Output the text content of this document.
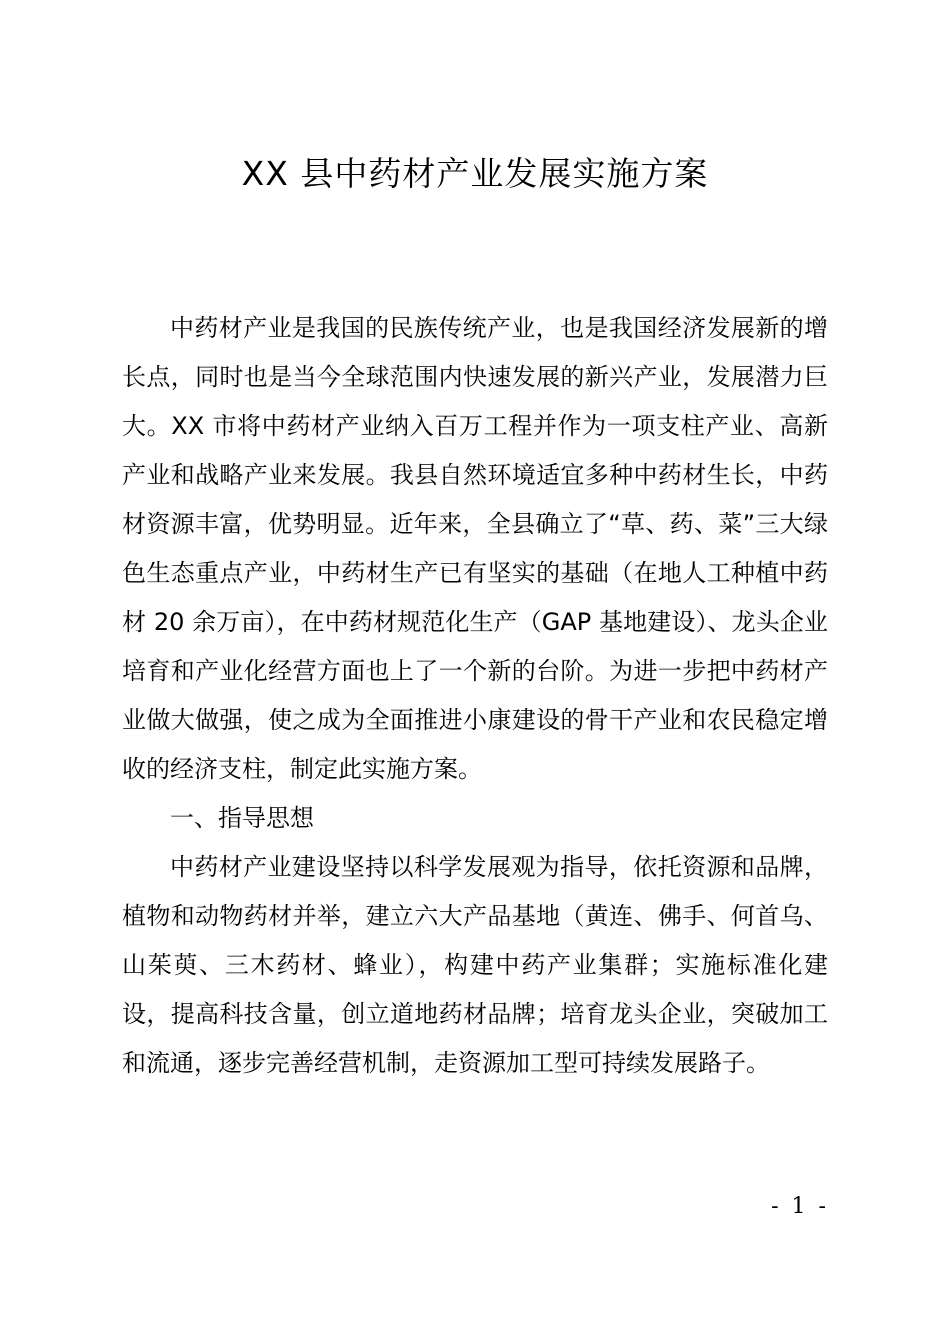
XX 县中药材产业发展实施方案

中药材产业是我国的民族传统产业，也是我国经济发展新的增长点，同时也是当今全球范围内快速发展的新兴产业，发展潜力巨大。XX 市将中药材产业纳入百万工程并作为一项支柱产业、高新产业和战略产业来发展。我县自然环境适宜多种中药材生长，中药材资源丰富，优势明显。近年来，全县确立了“草、药、菜”三大绿色生态重点产业，中药材生产已有坚实的基础（在地人工种植中药材 20 余万亩），在中药材规范化生产（GAP 基地建设）、龙头企业培育和产业化经营方面也上了一个新的台阶。为进一步把中药材产业做大做强，使之成为全面推进小康建设的骨干产业和农民稳定增收的经济支柱，制定此实施方案。

一、指导思想

中药材产业建设坚持以科学发展观为指导，依托资源和品牌，植物和动物药材并举，建立六大产品基地（黄连、佛手、何首乌、山茱萸、三木药材、蜂业），构建中药产业集群；实施标准化建设，提高科技含量，创立道地药材品牌；培育龙头企业，突破加工和流通，逐步完善经营机制，走资源加工型可持续发展路子。

- 1 -
